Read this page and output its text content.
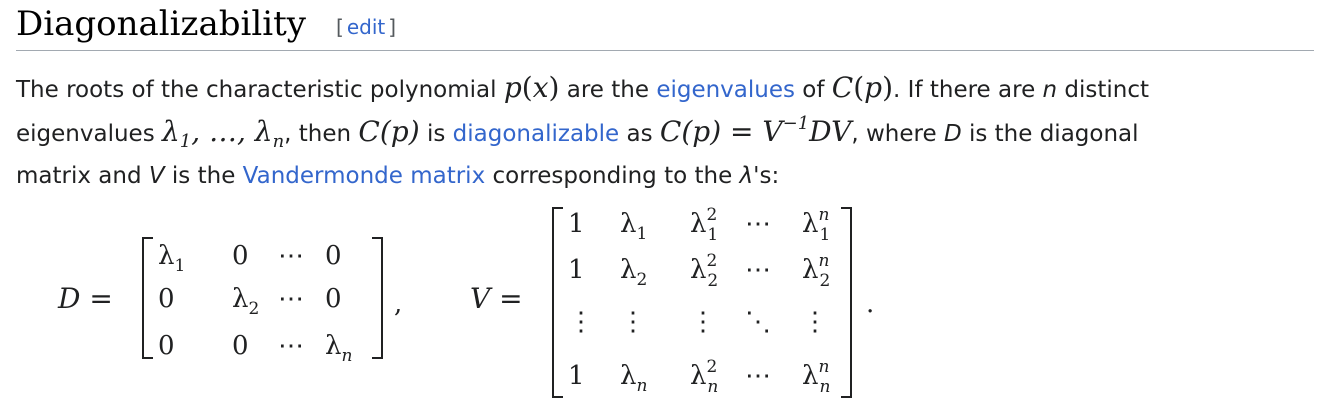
Diagonalizability [ edit ]
The roots of the characteristic polynomial p(x) are the eigenvalues of C(p). If there are n distinct
eigenvalues $\lambda_1$, …, $\lambda_n$, then C(p) is diagonalizable as $C(p) = V^{-1}DV$, where D is the diagonal
matrix and V is the Vandermonde matrix corresponding to the λ's:
D =
$\lambda_1$ 0 ⋯ 0
0 $\lambda_2$ ⋯ 0
0 0 ⋯ $\lambda_n$
, V =
1 $\lambda_1$ $\lambda^2$ 1 ⋯ $\lambda^n$ 1
1 $\lambda_2$ $\lambda^2$ 2 ⋯ $\lambda^n$ 2
⋮ ⋮ ⋮ ⋱ ⋮
1 $\lambda_n$ $\lambda^2$ n ⋯ $\lambda^n$ n
.
